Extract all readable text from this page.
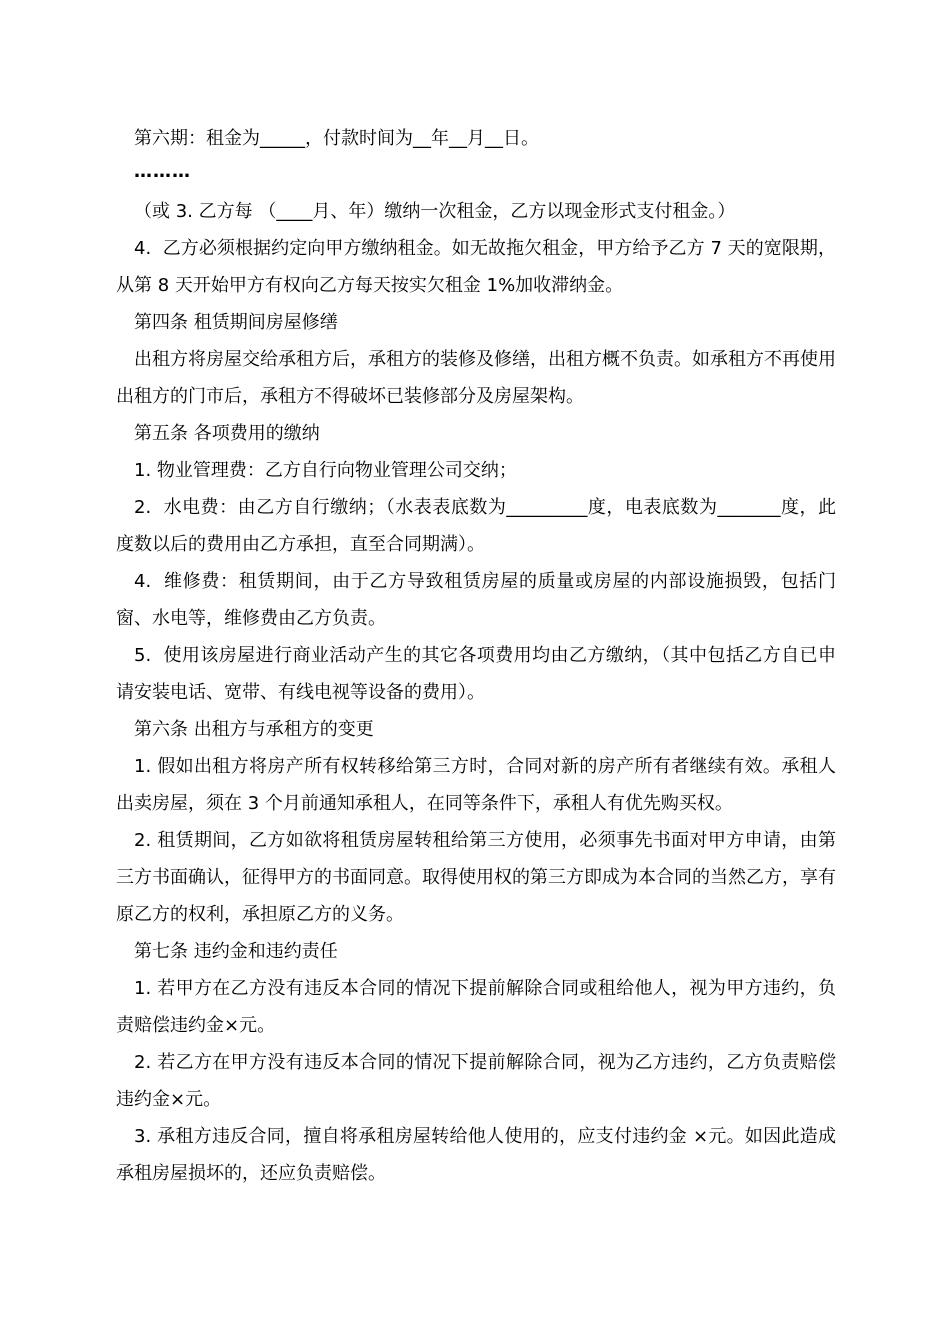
第六期：租金为_____，付款时间为__年__月__日。

………

（或 3. 乙方每 （____月、年）缴纳一次租金，乙方以现金形式支付租金。）

4.  乙方必须根据约定向甲方缴纳租金。如无故拖欠租金，甲方给予乙方 7 天的宽限期，从第 8 天开始甲方有权向乙方每天按实欠租金 1%加收滞纳金。

第四条 租赁期间房屋修缮

出租方将房屋交给承租方后，承租方的装修及修缮，出租方概不负责。如承租方不再使用出租方的门市后，承租方不得破坏已装修部分及房屋架构。

第五条 各项费用的缴纳

1. 物业管理费：乙方自行向物业管理公司交纳；

2.  水电费：由乙方自行缴纳；（水表表底数为_________度，电表底数为_______度，此度数以后的费用由乙方承担，直至合同期满）。

4.  维修费：租赁期间，由于乙方导致租赁房屋的质量或房屋的内部设施损毁，包括门窗、水电等，维修费由乙方负责。

5.  使用该房屋进行商业活动产生的其它各项费用均由乙方缴纳，（其中包括乙方自已申请安装电话、宽带、有线电视等设备的费用）。

第六条 出租方与承租方的变更

1. 假如出租方将房产所有权转移给第三方时，合同对新的房产所有者继续有效。承租人出卖房屋，须在 3 个月前通知承租人，在同等条件下，承租人有优先购买权。

2. 租赁期间，乙方如欲将租赁房屋转租给第三方使用，必须事先书面对甲方申请，由第三方书面确认，征得甲方的书面同意。取得使用权的第三方即成为本合同的当然乙方，享有原乙方的权利，承担原乙方的义务。

第七条 违约金和违约责任

1. 若甲方在乙方没有违反本合同的情况下提前解除合同或租给他人，视为甲方违约，负责赔偿违约金×元。

2. 若乙方在甲方没有违反本合同的情况下提前解除合同，视为乙方违约，乙方负责赔偿违约金×元。

3. 承租方违反合同，擅自将承租房屋转给他人使用的，应支付违约金 ×元。如因此造成承租房屋损坏的，还应负责赔偿。
